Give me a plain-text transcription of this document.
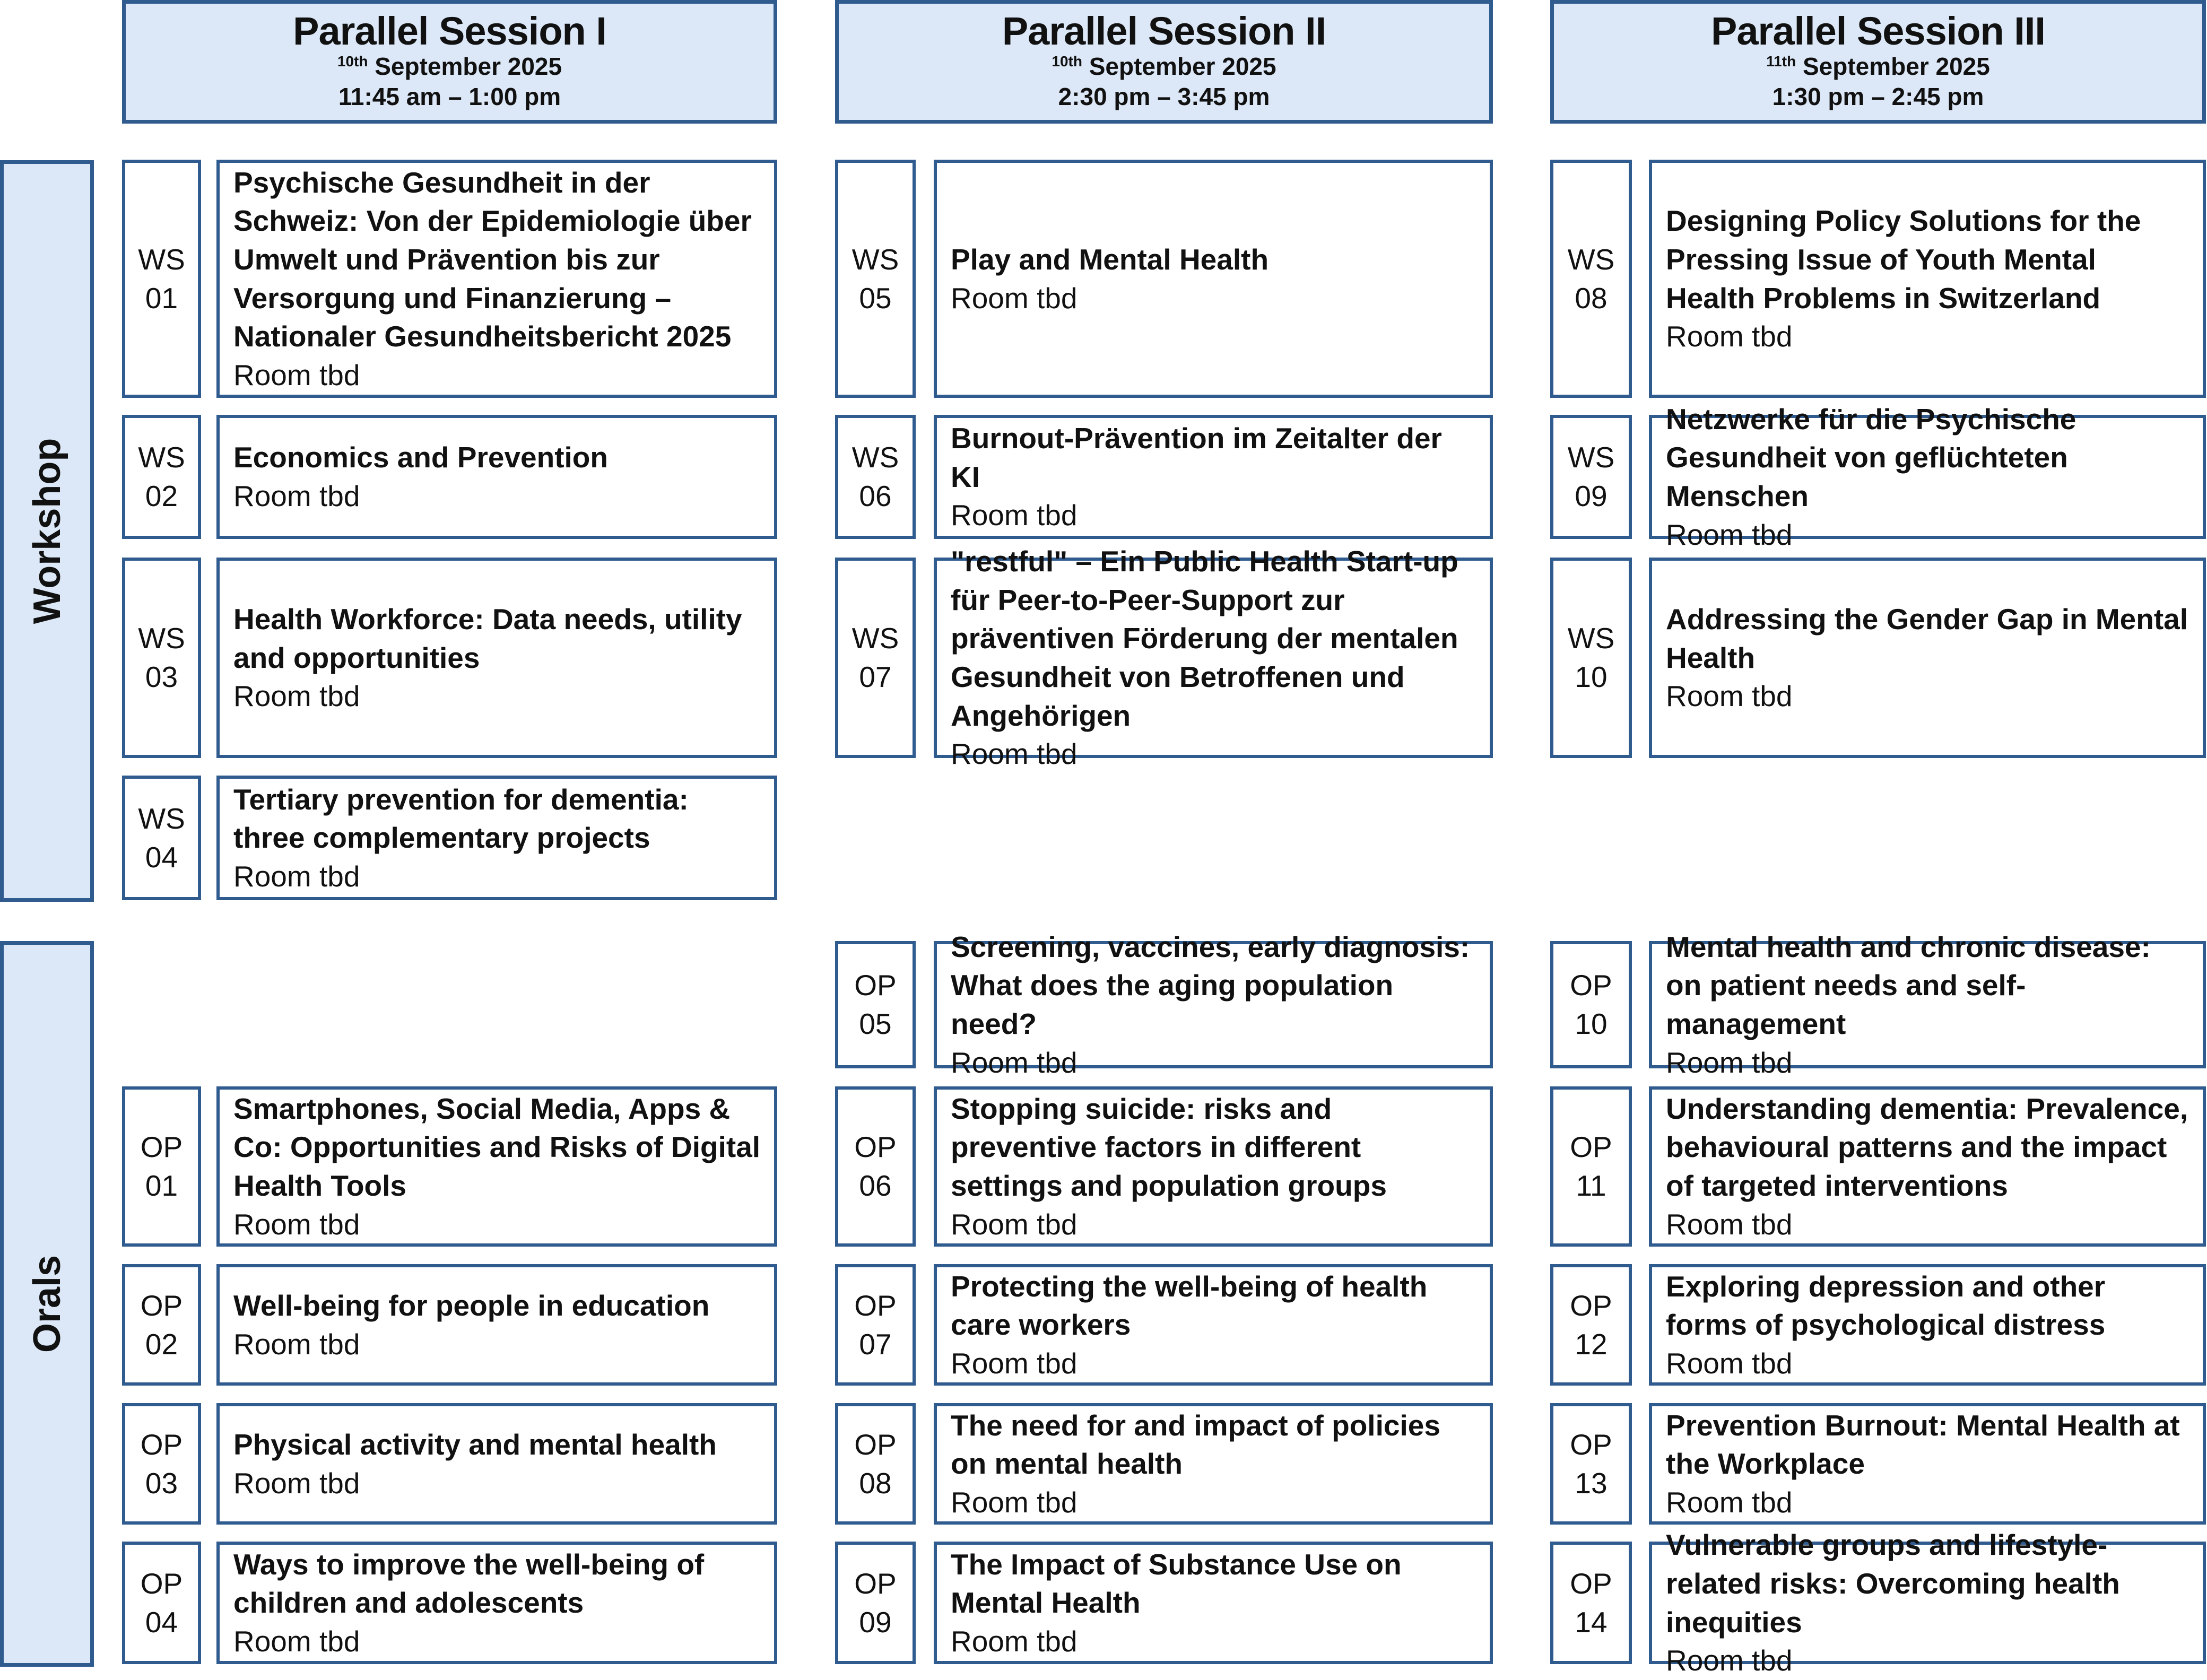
Parallel Session I
$^{10th}$ September 2025
11:45 am – 1:00 pm
Parallel Session II
$^{10th}$ September 2025
2:30 pm – 3:45 pm
Parallel Session III
$^{11th}$ September 2025
1:30 pm – 2:45 pm
Workshop
Orals
WS
01
Psychische Gesundheit in der Schweiz: Von der Epidemiologie über Umwelt und Prävention bis zur Versorgung und Finanzierung – Nationaler Gesundheitsbericht 2025
Room tbd
WS
02
Economics and Prevention
Room tbd
WS
03
Health Workforce: Data needs, utility and opportunities
Room tbd
WS
04
Tertiary prevention for dementia: three complementary projects
Room tbd
OP
01
Smartphones, Social Media, Apps & Co: Opportunities and Risks of Digital Health Tools
Room tbd
OP
02
Well-being for people in education
Room tbd
OP
03
Physical activity and mental health
Room tbd
OP
04
Ways to improve the well-being of children and adolescents
Room tbd
WS
05
Play and Mental Health
Room tbd
WS
06
Burnout-Prävention im Zeitalter der KI
Room tbd
WS
07
"restful" – Ein Public Health Start-up für Peer-to-Peer-Support zur präventiven Förderung der mentalen Gesundheit von Betroffenen und Angehörigen
Room tbd
OP
05
Screening, vaccines, early diagnosis: What does the aging population need?
Room tbd
OP
06
Stopping suicide: risks and preventive factors in different settings and population groups
Room tbd
OP
07
Protecting the well-being of health care workers
Room tbd
OP
08
The need for and impact of policies on mental health
Room tbd
OP
09
The Impact of Substance Use on Mental Health
Room tbd
WS
08
Designing Policy Solutions for the Pressing Issue of Youth Mental Health Problems in Switzerland
Room tbd
WS
09
Netzwerke für die Psychische Gesundheit von geflüchteten Menschen
Room tbd
WS
10
Addressing the Gender Gap in Mental Health
Room tbd
OP
10
Mental health and chronic disease: on patient needs and self-management
Room tbd
OP
11
Understanding dementia: Prevalence, behavioural patterns and the impact of targeted interventions
Room tbd
OP
12
Exploring depression and other forms of psychological distress
Room tbd
OP
13
Prevention Burnout: Mental Health at the Workplace
Room tbd
OP
14
Vulnerable groups and lifestyle-related risks: Overcoming health inequities
Room tbd
